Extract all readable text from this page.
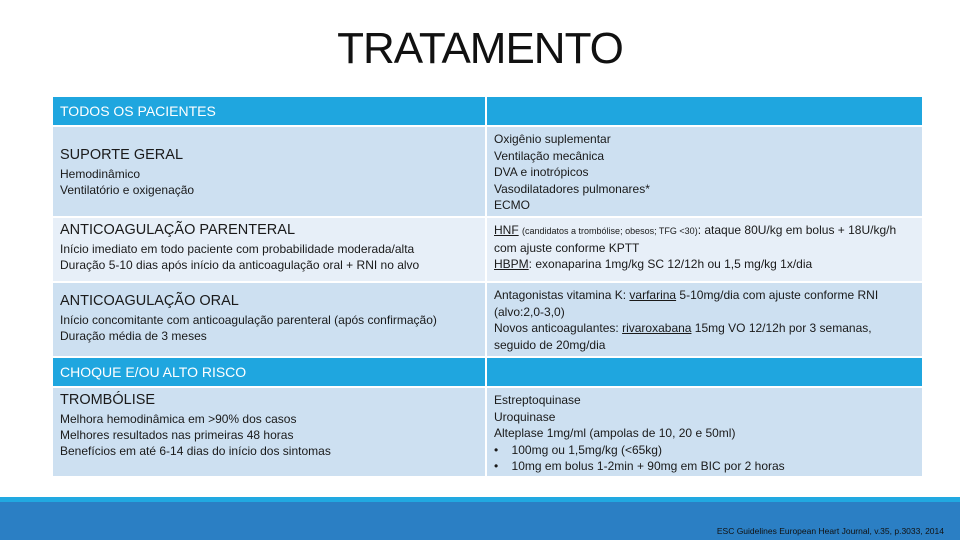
TRATAMENTO
TODOS OS PACIENTES
SUPORTE GERAL
Hemodinâmico
Ventilatório e oxigenação
Oxigênio suplementar
Ventilação mecânica
DVA e inotrópicos
Vasodilatadores pulmonares*
ECMO
ANTICOAGULAÇÃO PARENTERAL
Início imediato em todo paciente com probabilidade moderada/alta
Duração 5-10 dias após início da anticoagulação oral + RNI no alvo
HNF (candidatos a trombólise; obesos; TFG <30): ataque 80U/kg em bolus + 18U/kg/h com ajuste conforme KPTT
HBPM: exonaparina 1mg/kg SC 12/12h ou 1,5 mg/kg 1x/dia
ANTICOAGULAÇÃO ORAL
Início concomitante com anticoagulação parenteral (após confirmação)
Duração média de 3 meses
Antagonistas vitamina K: varfarina 5-10mg/dia com ajuste conforme RNI (alvo:2,0-3,0)
Novos anticoagulantes: rivaroxabana 15mg VO 12/12h por 3 semanas, seguido de 20mg/dia
CHOQUE E/OU ALTO RISCO
TROMBÓLISE
Melhora hemodinâmica em >90% dos casos
Melhores resultados nas primeiras 48 horas
Benefícios em até 6-14 dias do início dos sintomas
Estreptoquinase
Uroquinase
Alteplase 1mg/ml (ampolas de 10, 20 e 50ml)
•    100mg ou 1,5mg/kg (<65kg)
•    10mg em bolus 1-2min + 90mg em BIC por 2 horas
ESC Guidelines European Heart Journal, v.35, p.3033, 2014
